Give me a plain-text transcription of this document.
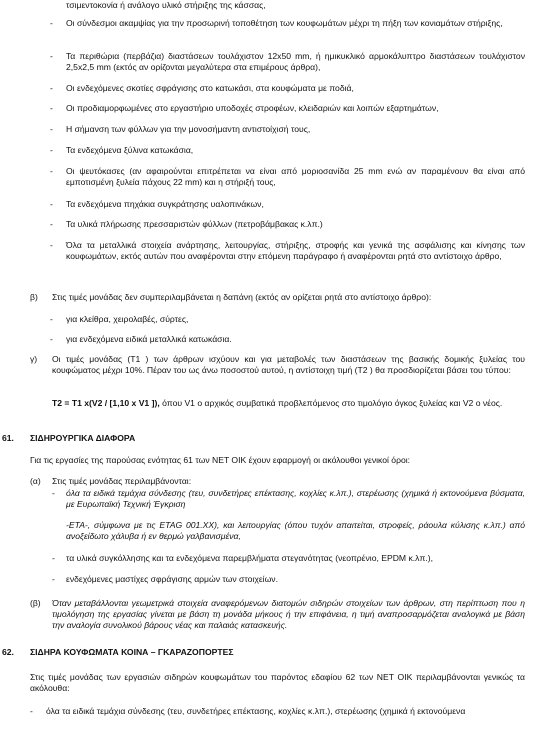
τσιμεντοκονία ή ανάλογο υλικό στήριξης της κάσσας,
- Οι σύνδεσμοι ακαμψίας για την προσωρινή τοποθέτηση των κουφωμάτων μέχρι τη πήξη των κονιαμάτων στήριξης,
- Τα περιθώρια (περβάζια) διαστάσεων τουλάχιστον 12x50 mm, ή ημικυκλικό αρμοκάλυπτρο διαστάσεων τουλάχιστον 2,5x2,5 mm (εκτός αν ορίζονται μεγαλύτερα στα επιμέρους άρθρα),
- Οι ενδεχόμενες σκοτίες σφράγισης στο κατωκάσι, στα κουφώματα με ποδιά,
- Οι προδιαμορφωμένες στο εργαστήριο υποδοχές στροφέων, κλειδαριών και λοιπών εξαρτημάτων,
- Η σήμανση των φύλλων για την μονοσήμαντη αντιστοίχισή τους,
- Τα ενδεχόμενα ξύλινα κατωκάσια,
- Οι ψευτόκασες (αν αφαιρούνται επιτρέπεται να είναι από μοριοσανίδα 25 mm ενώ αν παραμένουν θα είναι από εμποτισμένη ξυλεία πάχους 22 mm) και η στήριξή τους,
- Τα ενδεχόμενα πηχάκια συγκράτησης υαλοπινάκων,
- Τα υλικά πλήρωσης πρεσσαριστών φύλλων (πετροβάμβακας κ.λπ.)
- Όλα τα μεταλλικά στοιχεία ανάρτησης, λειτουργίας, στήριξης, στροφής και γενικά της ασφάλισης και κίνησης των κουφωμάτων, εκτός αυτών που αναφέρονται στην επόμενη παράγραφο ή αναφέρονται ρητά στο αντίστοιχο άρθρο,
β) Στις τιμές μονάδας δεν συμπεριλαμβάνεται η δαπάνη (εκτός αν ορίζεται ρητά στο αντίστοιχο άρθρο):
- για κλείθρα, χειρολαβές, σύρτες,
- για ενδεχόμενα ειδικά μεταλλικά κατωκάσια.
γ) Οι τιμές μονάδας (Τ1 ) των άρθρων ισχύουν και για μεταβολές των διαστάσεων της βασικής δομικής ξυλείας του κουφώματος μέχρι 10%. Πέραν του ως άνω ποσοστού αυτού, η αντίστοιχη τιμή (Τ2 ) θα προσδιορίζεται βάσει του τύπου:
T2 = T1 x(V2 / [1,10 x V1 ]), όπου V1 ο αρχικός συμβατικά προβλεπόμενος στο τιμολόγιο όγκος ξυλείας και V2 ο νέος.
61. ΣΙΔΗΡΟΥΡΓΙΚΑ ΔΙΑΦΟΡΑ
Για τις εργασίες της παρούσας ενότητας 61 των ΝΕΤ ΟΙΚ έχουν εφαρμογή οι ακόλουθοι γενικοί όροι:
(α) Στις τιμές μονάδας περιλαμβάνονται:
- όλα τα ειδικά τεμάχια σύνδεσης (τευ, συνδετήρες επέκτασης, κοχλίες κ.λπ.), στερέωσης (χημικά ή εκτονούμενα βύσματα, με Ευρωπαϊκή Τεχνική Έγκριση
-ΕΤΑ-, σύμφωνα με τις ETAG 001.XX), και λειτουργίας (όπου τυχόν απαιτείται, στροφείς, ράουλα κύλισης κ.λπ.) από ανοξείδωτο χάλυβα ή εν θερμώ γαλβανισμένα,
- τα υλικά συγκόλλησης και τα ενδεχόμενα παρεμβλήματα στεγανότητας (νεοπρένιο, EPDM κ.λπ.),
- ενδεχόμενες μαστίχες σφράγισης αρμών των στοιχείων.
(β) Όταν μεταβάλλονται γεωμετρικά στοιχεία αναφερόμενων διατομών σιδηρών στοιχείων των άρθρων, στη περίπτωση που η τιμολόγηση της εργασίας γίνεται με βάση τη μονάδα μήκους ή την επιφάνεια, η τιμή αναπροσαρμόζεται αναλογικά με βάση την αναλογία συνολικού βάρους νέας και παλαιάς κατασκευής.
62. ΣΙΔΗΡΑ ΚΟΥΦΩΜΑΤΑ ΚΟΙΝΑ – ΓΚΑΡΑΖΟΠΟΡΤΕΣ
Στις τιμές μονάδας των εργασιών σιδηρών κουφωμάτων του παρόντος εδαφίου 62 των ΝΕΤ ΟΙΚ περιλαμβάνονται γενικώς τα ακόλουθα:
- όλα τα ειδικά τεμάχια σύνδεσης (τευ, συνδετήρες επέκτασης, κοχλίες κ.λπ.), στερέωσης (χημικά ή εκτονούμενα
